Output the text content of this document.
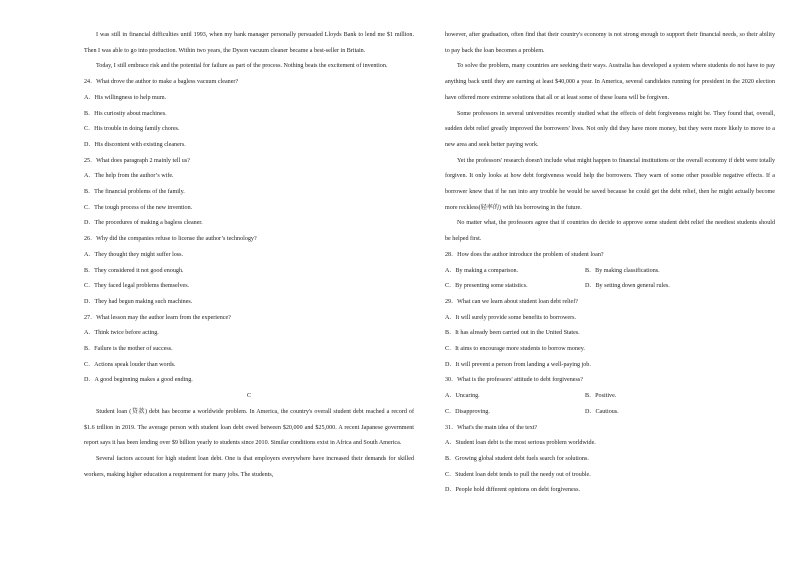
I was still in financial difficulties until 1993, when my bank manager personally persuaded Lloyds Bank to lend me $1 million. Then I was able to go into production. Within two years, the Dyson vacuum cleaner became a best-seller in Britain.

Today, I still embrace risk and the potential for failure as part of the process. Nothing beats the excitement of invention.

24．What drove the author to make a bagless vacuum cleaner?

A．His willingness to help mum.

B．His curiosity about machines.

C．His trouble in doing family chores.

D．His discontent with existing cleaners.

25．What does paragraph 2 mainly tell us?

A．The help from the author’s wife.

B．The financial problems of the family.

C．The tough process of the new invention.

D．The procedures of making a bagless cleaner.

26．Why did the companies refuse to license the author’s technology?

A．They thought they might suffer loss.

B．They considered it not good enough.

C．They faced legal problems themselves.

D．They had begun making such machines.

27．What lesson may the author learn from the experience?

A．Think twice before acting.

B．Failure is the mother of success.

C．Actions speak louder than words.

D．A good beginning makes a good ending.

C

Student loan (贷款) debt has become a worldwide problem. In America, the country's overall student debt reached a record of $1.6 trillion in 2019. The average person with student loan debt owed between $20,000 and $25,000. A recent Japanese government report says it has been lending over $9 billion yearly to students since 2010. Similar conditions exist in Africa and South America.

Several factors account for high student loan debt. One is that employers everywhere have increased their demands for skilled workers, making higher education a requirement for many jobs. The students,

however, after graduation, often find that their country's economy is not strong enough to support their financial needs, so their ability to pay back the loan becomes a problem.

To solve the problem, many countries are seeking their ways. Australia has developed a system where students do not have to pay anything back until they are earning at least $40,000 a year. In America, several candidates running for president in the 2020 election have offered more extreme solutions that all or at least some of these loans will be forgiven.

Some professors in several universities recently studied what the effects of debt forgiveness might be. They found that, overall, sudden debt relief greatly improved the borrowers' lives. Not only did they have more money, but they were more likely to move to a new area and seek better paying work.

Yet the professors' research doesn't include what might happen to financial institutions or the overall economy if debt were totally forgiven. It only looks at how debt forgiveness would help the borrowers. They warn of some other possible negative effects. If a borrower knew that if he ran into any trouble he would be saved because he could get the debt relief, then he might actually become more reckless(轻率的) with his borrowing in the future.

No matter what, the professors agree that if countries do decide to approve some student debt relief the neediest students should be helped first.

28．How does the author introduce the problem of student loan?

A．By making a comparison.	B．By making classifications.
C．By presenting some statistics.	D．By setting down general rules.

29．What can we learn about student loan debt relief?

A．It will surely provide some benefits to borrowers.

B．It has already been carried out in the United States.

C．It aims to encourage more students to borrow money.

D．It will prevent a person from landing a well-paying job.

30．What is the professors' attitude to debt forgiveness?

A．Uncaring.	B．Positive.
C．Disapproving.	D．Cautious.

31．What's the main idea of the text?

A．Student loan debt is the most serious problem worldwide.

B．Growing global student debt fuels search for solutions.

C．Student loan debt tends to pull the needy out of trouble.

D．People hold different opinions on debt forgiveness.
